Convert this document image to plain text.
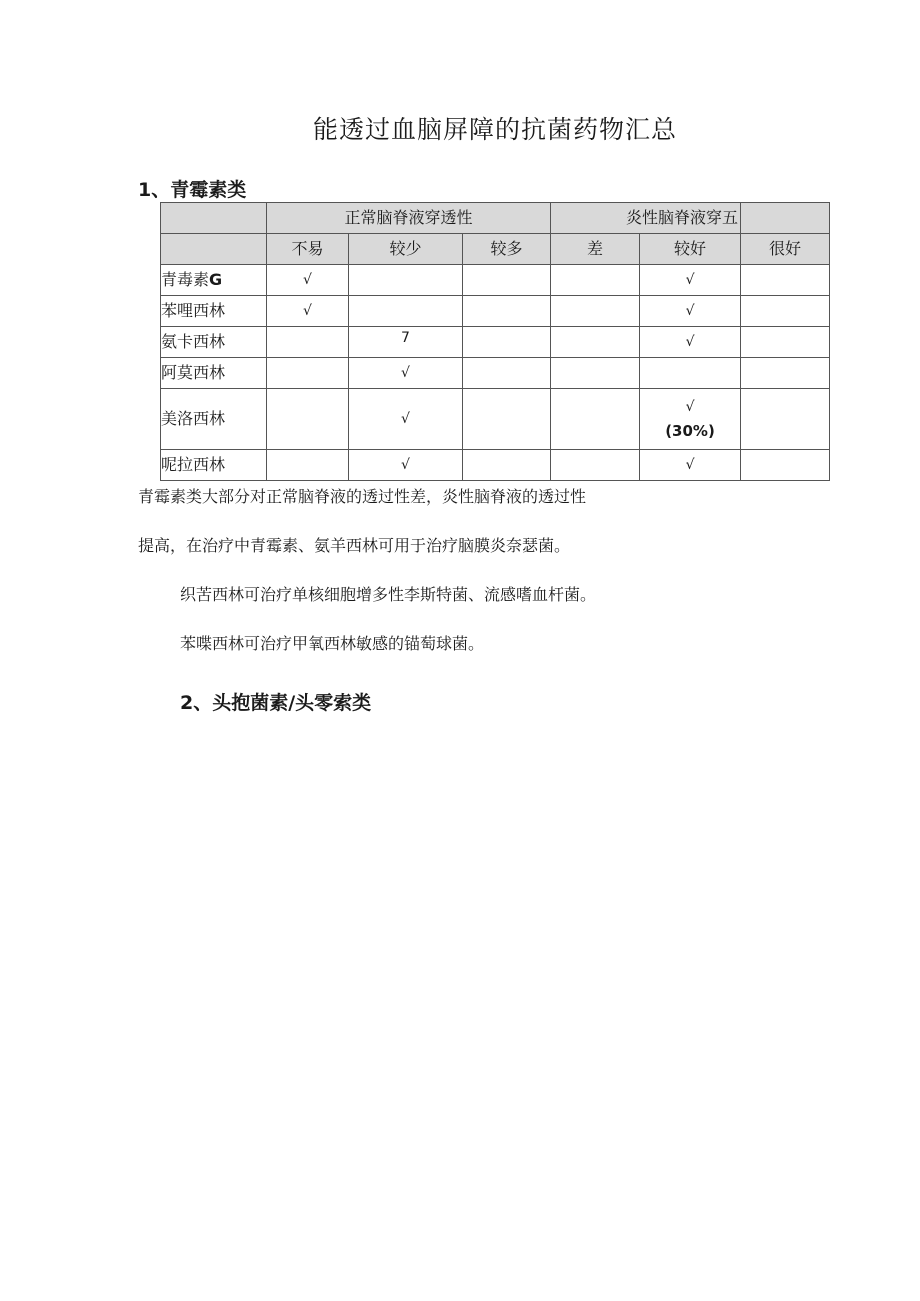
能透过血脑屏障的抗菌药物汇总
1、青霉素类
	正常脑脊液穿透性			炎性脑脊液穿五		
	不易	较少	较多	差	较好	很好
青毒素G	√				√	
苯哩西林	√				√	
氨卡西林		7			√	
阿莫西林		√				
美洛西林		√			√
(30%)	

呢拉西林		√			√	
青霉素类大部分对正常脑脊液的透过性差，炎性脑脊液的透过性
提高，在治疗中青霉素、氨羊西林可用于治疗脑膜炎奈瑟菌。
织苦西林可治疗单核细胞增多性李斯特菌、流感嗜血杆菌。
苯喋西林可治疗甲氧西林敏感的锚萄球菌。
2、头抱菌素/头零索类
